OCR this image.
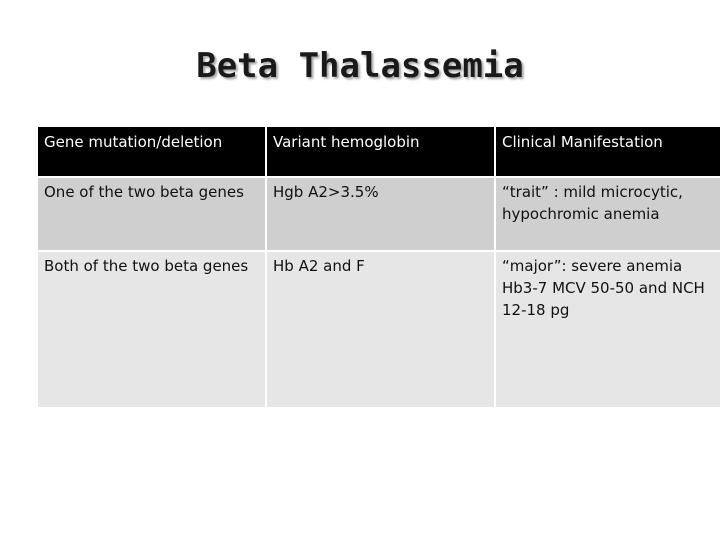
Beta Thalassemia
Gene mutation/deletion	Variant hemoglobin	Clinical Manifestation
One of the two beta genes	Hgb A2>3.5%	“trait” : mild microcytic, hypochromic anemia
Both of the two beta genes	Hb A2 and F	“major”: severe anemia Hb3-7 MCV 50-50 and NCH 12-18 pg
